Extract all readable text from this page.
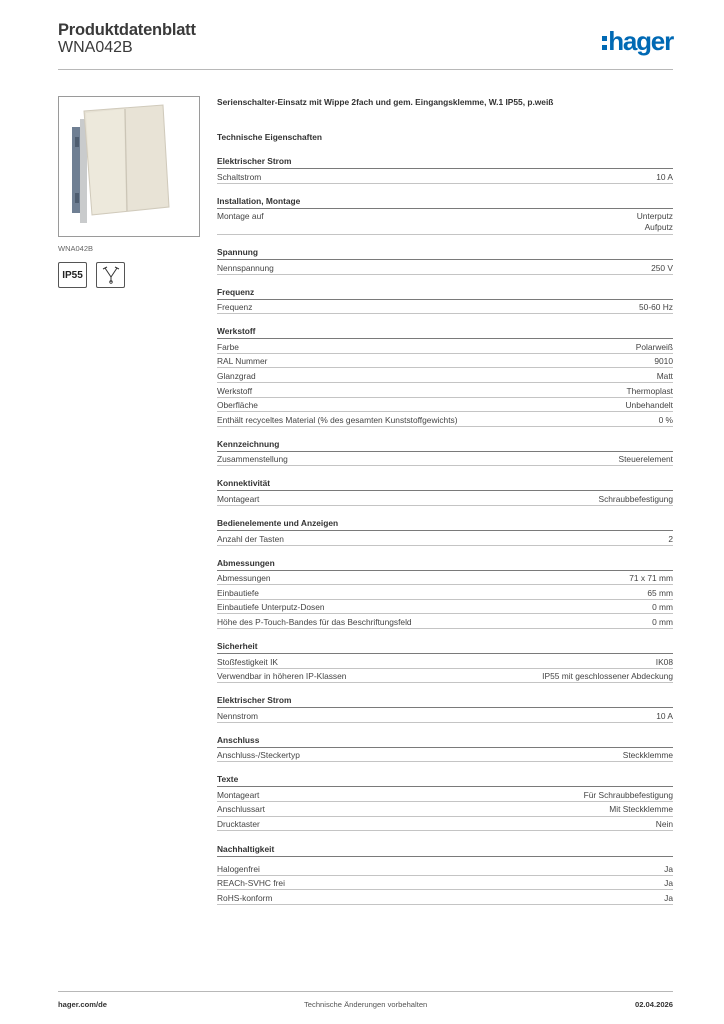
Produktdatenblatt
WNA042B	hager
WNA042B
IP55
Serienschalter-Einsatz mit Wippe 2fach und gem. Eingangsklemme, W.1 IP55, p.weiß
Technische Eigenschaften
Elektrischer Strom
Schaltstrom	10 A
Installation, Montage
Montage auf	Unterputz
Aufputz
Spannung
Nennspannung	250 V
Frequenz
Frequenz	50-60 Hz
Werkstoff
Farbe	Polarweiß
RAL Nummer	9010
Glanzgrad	Matt
Werkstoff	Thermoplast
Oberfläche	Unbehandelt
Enthält recyceltes Material (% des gesamten Kunststoffgewichts)	0 %
Kennzeichnung
Zusammenstellung	Steuerelement
Konnektivität
Montageart	Schraubbefestigung
Bedienelemente und Anzeigen
Anzahl der Tasten	2
Abmessungen
Abmessungen	71 x 71 mm
Einbautiefe	65 mm
Einbautiefe Unterputz-Dosen	0 mm
Höhe des P-Touch-Bandes für das Beschriftungsfeld	0 mm
Sicherheit
Stoßfestigkeit IK	IK08
Verwendbar in höheren IP-Klassen	IP55 mit geschlossener Abdeckung
Elektrischer Strom
Nennstrom	10 A
Anschluss
Anschluss-/Steckertyp	Steckklemme
Texte
Montageart	Für Schraubbefestigung
Anschlussart	Mit Steckklemme
Drucktaster	Nein
Nachhaltigkeit
Halogenfrei	Ja
REACh-SVHC frei	Ja
RoHS-konform	Ja
hager.com/de	Technische Änderungen vorbehalten	02.04.2026
